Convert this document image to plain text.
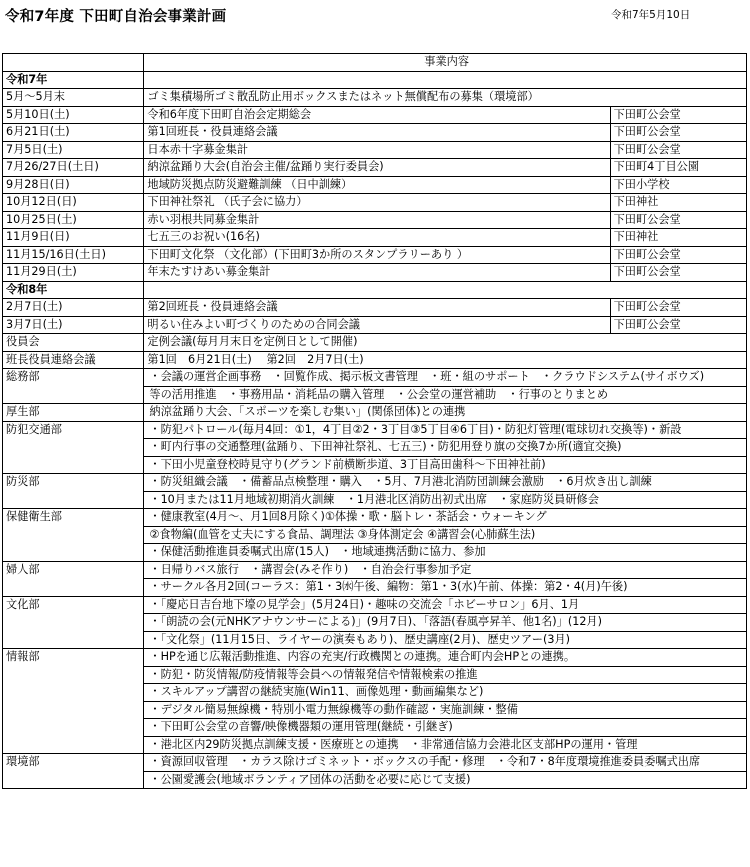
令和7年度 下田町自治会事業計画	令和7年5月10日
	事業内容	
令和7年		
5月～5月末	ゴミ集積場所ゴミ散乱防止用ボックスまたはネット無償配布の募集（環境部）	
5月10日(土)	令和6年度下田町自治会定期総会	下田町公会堂
6月21日(土)	第1回班長・役員連絡会議	下田町公会堂
7月5日(土)	日本赤十字募金集計	下田町公会堂
7月26/27日(土日)	納涼盆踊り大会(自治会主催/盆踊り実行委員会)	下田町4丁目公園
9月28日(日)	地域防災拠点防災避難訓練 （日中訓練）	下田小学校
10月12日(日)	下田神社祭礼 （氏子会に協力）	下田神社
10月25日(土)	赤い羽根共同募金集計	下田町公会堂
11月9日(日)	七五三のお祝い(16名)	下田神社
11月15/16日(土日)	下田町文化祭 （文化部）(下田町3か所のスタンプラリーあり ）	下田町公会堂
11月29日(土)	年末たすけあい募金集計	下田町公会堂
令和8年		
2月7日(土)	第2回班長・役員連絡会議	下田町公会堂
3月7日(土)	明るい住みよい町づくりのための合同会議	下田町公会堂
役員会	定例会議(毎月月末日を定例日として開催)	
班長役員連絡会議	第1回　6月21日(土)　 第2回　2月7日(土)	
総務部	・会議の運営企画事務　・回覧作成、掲示板文書管理　・班・組のサポート　・クラウドシステム(サイボウズ)	
	等の活用推進　・事務用品・消耗品の購入管理　・公会堂の運営補助　・行事のとりまとめ	
厚生部	納涼盆踊り大会、「スポーツを楽しむ集い」(関係団体)との連携	
防犯交通部	・防犯パトロール(毎月4回：①1，4丁目②2・3丁目③5丁目④6丁目)・防犯灯管理(電球切れ交換等)・新設	
	・町内行事の交通整理(盆踊り、下田神社祭礼、七五三)・防犯用登り旗の交換7か所(適宜交換)	
	・下田小児童登校時見守り(グランド前横断歩道、3丁目高田歯科～下田神社前)	
防災部	・防災組織会議　・備蓄品点検整理・購入　・5月、7月港北消防団訓練会激励　・6月炊き出し訓練	
	・10月または11月地域初期消火訓練　・1月港北区消防出初式出席　・家庭防災員研修会	
保健衛生部	・健康教室(4月～、月1回8月除く)①体操・歌・脳トレ・茶話会・ウォーキング	
	②食物編(血管を丈夫にする食品、調理法 ③身体測定会 ④講習会(心肺蘇生法)	
	・保健活動推進員委嘱式出席(15人)　・地域連携活動に協力、参加	
婦人部	・日帰りバス旅行　・講習会(みそ作り)　・自治会行事参加予定	
	・サークル各月2回(コーラス：第1・3㈬午後、編物：第1・3(水)午前、体操：第2・4(月)午後)	
文化部	・「慶応日吉台地下壕の見学会」(5月24日)・趣味の交流会「ホビーサロン」6月、1月	
	・「朗読の会(元NHKアナウンサーによる)」(9月7日)、「落語(春風亭昇羊、他1名)」(12月)	
	・「文化祭」(11月15日、ライヤーの演奏もあり)、歴史講座(2月)、歴史ツアー(3月)	
情報部	・HPを通じ広報活動推進、内容の充実/行政機関との連携。連合町内会HPとの連携。	
	・防犯・防災情報/防疫情報等会員への情報発信や情報検索の推進	
	・スキルアップ講習の継続実施(Win11、画像処理・動画編集など)	
	・デジタル簡易無線機・特別小電力無線機等の動作確認・実施訓練・整備	
	・下田町公会堂の音響/映像機器類の運用管理(継続・引継ぎ)	
	・港北区内29防災拠点訓練支援・医療班との連携　・非常通信協力会港北区支部HPの運用・管理	
環境部	・資源回収管理　・カラス除けゴミネット・ボックスの手配・修理　・令和7・8年度環境推進委員委嘱式出席	
	・公園愛護会(地域ボランティア団体の活動を必要に応じて支援)	
